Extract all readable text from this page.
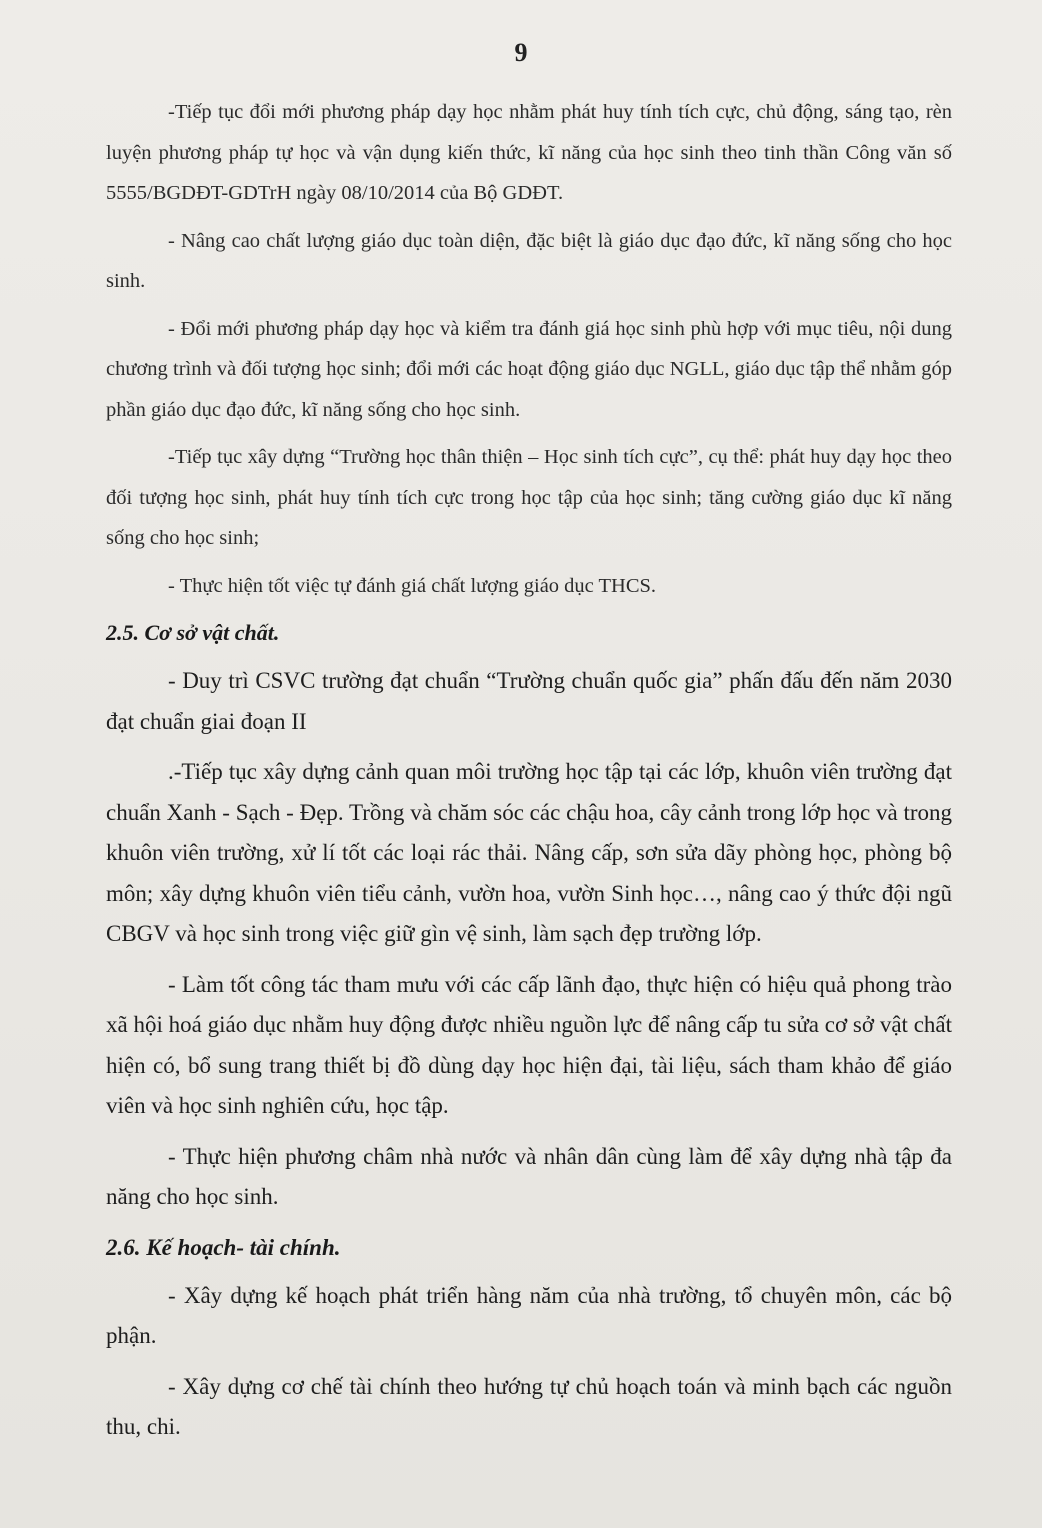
9

-Tiếp tục đổi mới phương pháp dạy học nhằm phát huy tính tích cực, chủ động, sáng tạo, rèn luyện phương pháp tự học và vận dụng kiến thức, kĩ năng của học sinh theo tinh thần Công văn số 5555/BGDĐT-GDTrH ngày 08/10/2014 của Bộ GDĐT.

- Nâng cao chất lượng giáo dục toàn diện, đặc biệt là giáo dục đạo đức, kĩ năng sống cho học sinh.

- Đổi mới phương pháp dạy học và kiểm tra đánh giá học sinh phù hợp với mục tiêu, nội dung chương trình và đối tượng học sinh; đổi mới các hoạt động giáo dục NGLL, giáo dục tập thể nhằm góp phần giáo dục đạo đức, kĩ năng sống cho học sinh.

-Tiếp tục xây dựng “Trường học thân thiện – Học sinh tích cực”, cụ thể: phát huy dạy học theo đối tượng học sinh, phát huy tính tích cực trong học tập của học sinh; tăng cường giáo dục kĩ năng sống cho học sinh;

- Thực hiện tốt việc tự đánh giá chất lượng giáo dục THCS.

2.5. Cơ sở vật chất.

- Duy trì CSVC trường đạt chuẩn “Trường chuẩn quốc gia” phấn đấu đến năm 2030 đạt chuẩn giai đoạn II

.-Tiếp tục xây dựng cảnh quan môi trường học tập tại các lớp, khuôn viên trường đạt chuẩn Xanh - Sạch - Đẹp. Trồng và chăm sóc các chậu hoa, cây cảnh trong lớp học và trong khuôn viên trường, xử lí tốt các loại rác thải. Nâng cấp, sơn sửa dãy phòng học, phòng bộ môn; xây dựng khuôn viên tiểu cảnh, vườn hoa, vườn Sinh học…, nâng cao ý thức đội ngũ CBGV và học sinh trong việc giữ gìn vệ sinh, làm sạch đẹp trường lớp.

- Làm tốt công tác tham mưu với các cấp lãnh đạo, thực hiện có hiệu quả phong trào xã hội hoá giáo dục nhằm huy động được nhiều nguồn lực để nâng cấp tu sửa cơ sở vật chất hiện có, bổ sung trang thiết bị đồ dùng dạy học hiện đại, tài liệu, sách tham khảo để giáo viên và học sinh nghiên cứu, học tập.

- Thực hiện phương châm nhà nước và nhân dân cùng làm để xây dựng nhà tập đa năng cho học sinh.

2.6. Kế hoạch- tài chính.

- Xây dựng kế hoạch phát triển hàng năm của nhà trường, tổ chuyên môn, các bộ phận.

- Xây dựng cơ chế tài chính theo hướng tự chủ hoạch toán và minh bạch các nguồn thu, chi.
